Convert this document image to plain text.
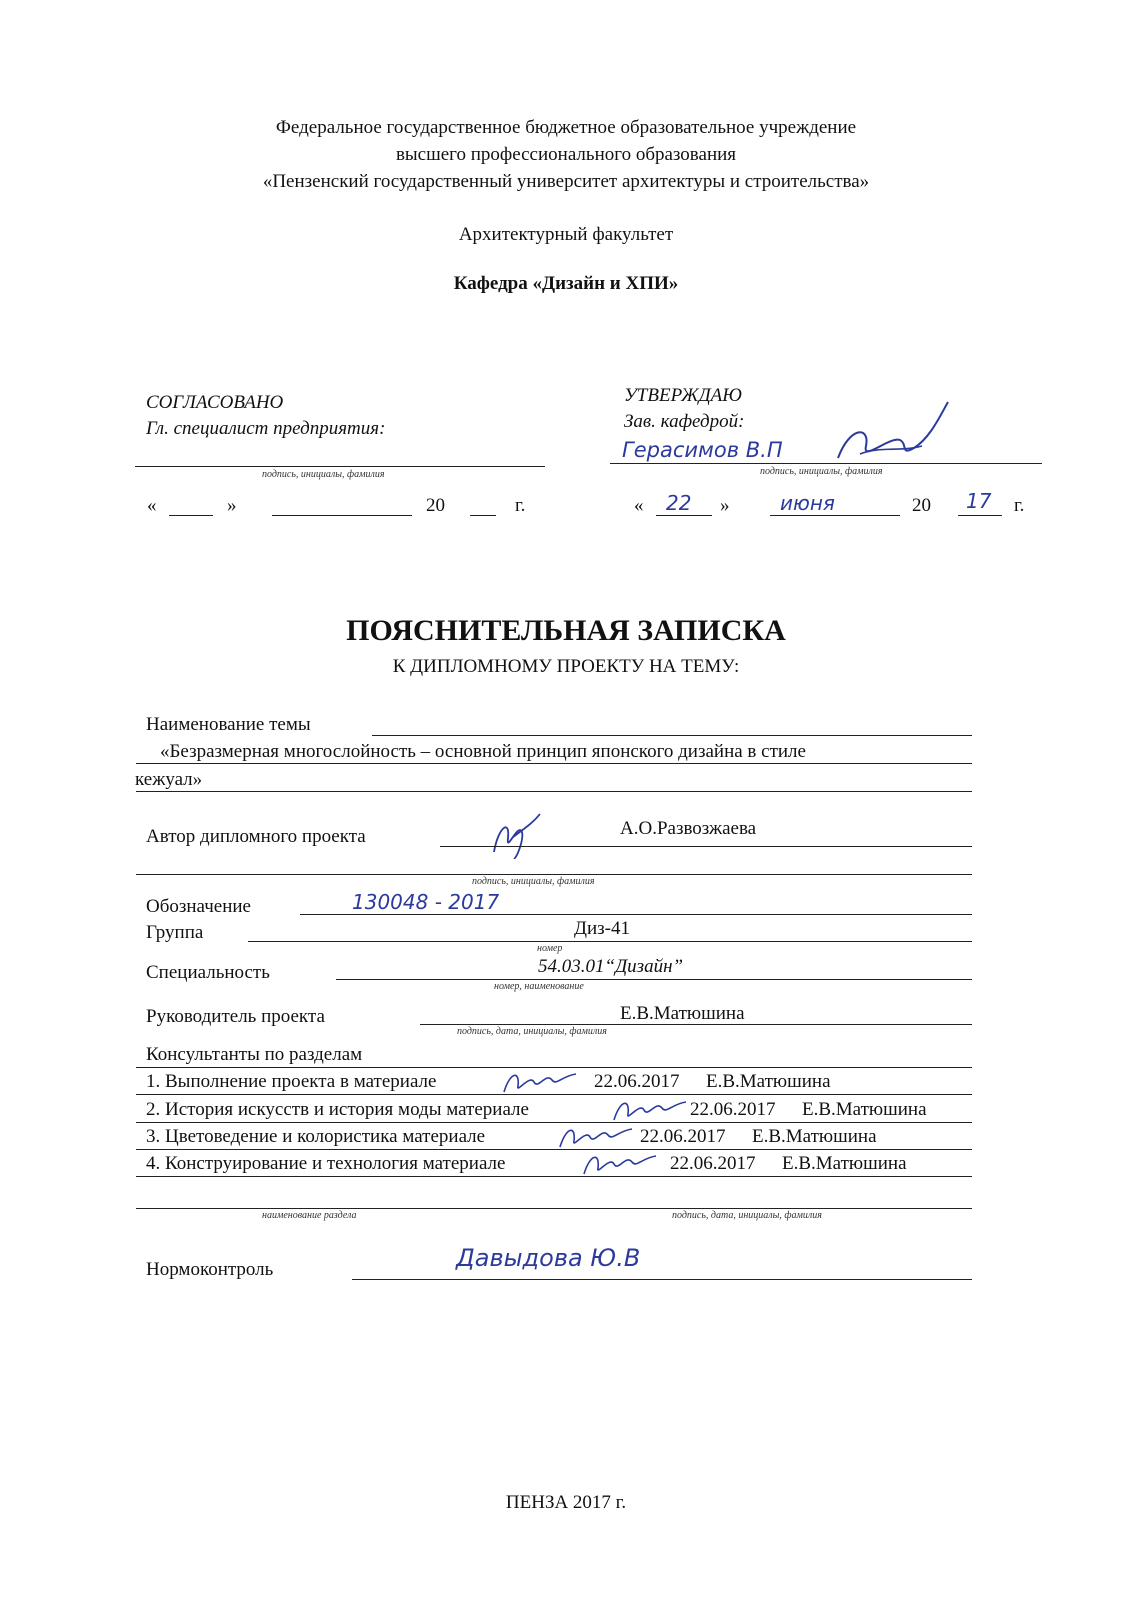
Федеральное государственное бюджетное образовательное учреждение
высшего профессионального образования
«Пензенский государственный университет архитектуры и строительства»
Архитектурный факультет
Кафедра «Дизайн и ХПИ»
СОГЛАСОВАНО
Гл. специалист предприятия:
подпись, инициалы, фамилия
«	»	20	г.
УТВЕРЖДАЮ
Зав. кафедрой:
Герасимов В.П
подпись, инициалы, фамилия
« 22 »	июня	20 17 г.
ПОЯСНИТЕЛЬНАЯ ЗАПИСКА
К ДИПЛОМНОМУ ПРОЕКТУ НА ТЕМУ:
Наименование темы
«Безразмерная многослойность – основной принцип японского дизайна в стиле
кежуал»
Автор дипломного проекта	А.О.Развозжаева
подпись, инициалы, фамилия
Обозначение	130048 - 2017
Группа	Диз-41
номер
Специальность	54.03.01“Дизайн”
номер, наименование
Руководитель проекта	Е.В.Матюшина
подпись, дата, инициалы, фамилия
Консультанты по разделам
1. Выполнение проекта в материале	22.06.2017 Е.В.Матюшина
2. История искусств и история моды материале	22.06.2017 Е.В.Матюшина
3. Цветоведение и колористика материале	22.06.2017 Е.В.Матюшина
4. Конструирование и технология материале	22.06.2017 Е.В.Матюшина
наименование раздела	подпись, дата, инициалы, фамилия
Нормоконтроль	Давыдова Ю.В
ПЕНЗА 2017 г.
